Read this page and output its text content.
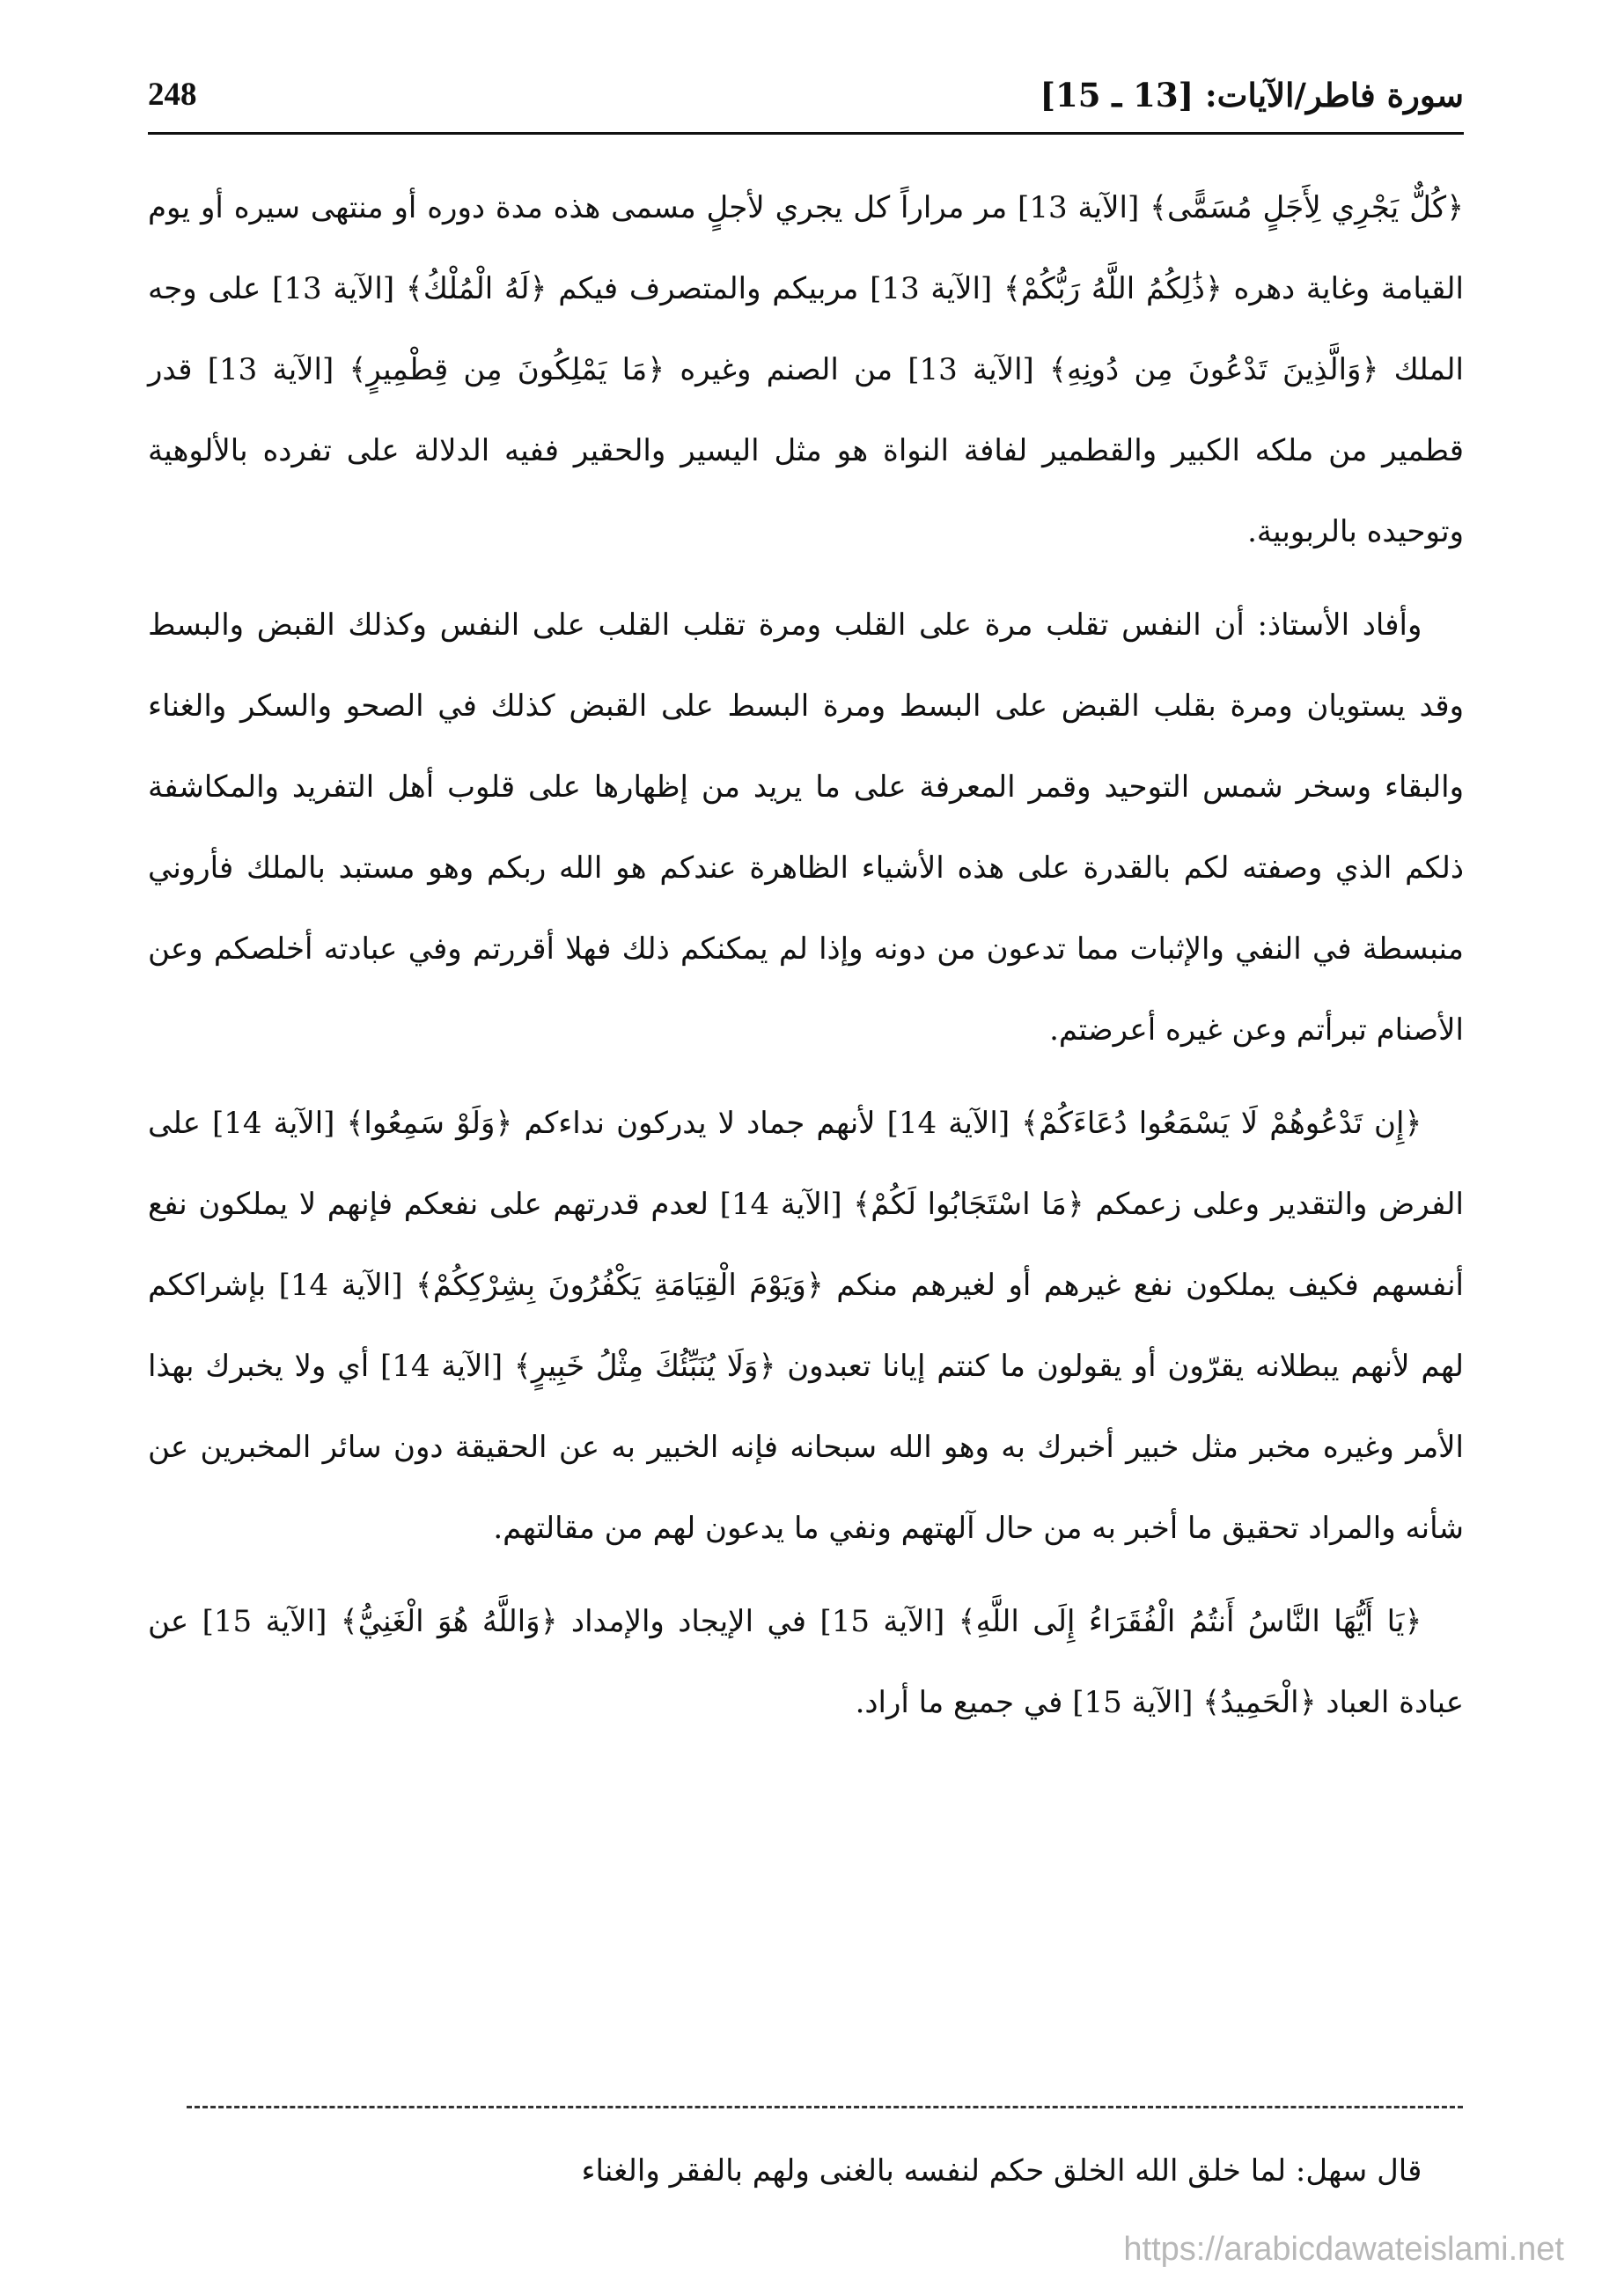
سورة فاطر/الآيات: [13 ـ 15]
248

﴿كُلٌّ يَجْرِي لِأَجَلٍ مُسَمًّى﴾ [الآية 13] مر مراراً كل يجري لأجلٍ مسمى هذه مدة دوره أو منتهى سيره أو يوم القيامة وغاية دهره ﴿ذَٰلِكُمُ اللَّهُ رَبُّكُمْ﴾ [الآية 13] مربيكم والمتصرف فيكم ﴿لَهُ الْمُلْكُ﴾ [الآية 13] على وجه الملك ﴿وَالَّذِينَ تَدْعُونَ مِن دُونِهِ﴾ [الآية 13] من الصنم وغيره ﴿مَا يَمْلِكُونَ مِن قِطْمِيرٍ﴾ [الآية 13] قدر قطمير من ملكه الكبير والقطمير لفافة النواة هو مثل اليسير والحقير ففيه الدلالة على تفرده بالألوهية وتوحيده بالربوبية.

وأفاد الأستاذ: أن النفس تقلب مرة على القلب ومرة تقلب القلب على النفس وكذلك القبض والبسط وقد يستويان ومرة بقلب القبض على البسط ومرة البسط على القبض كذلك في الصحو والسكر والغناء والبقاء وسخر شمس التوحيد وقمر المعرفة على ما يريد من إظهارها على قلوب أهل التفريد والمكاشفة ذلكم الذي وصفته لكم بالقدرة على هذه الأشياء الظاهرة عندكم هو الله ربكم وهو مستبد بالملك فأروني منبسطة في النفي والإثبات مما تدعون من دونه وإذا لم يمكنكم ذلك فهلا أقررتم وفي عبادته أخلصكم وعن الأصنام تبرأتم وعن غيره أعرضتم.

﴿إِن تَدْعُوهُمْ لَا يَسْمَعُوا دُعَاءَكُمْ﴾ [الآية 14] لأنهم جماد لا يدركون نداءكم ﴿وَلَوْ سَمِعُوا﴾ [الآية 14] على الفرض والتقدير وعلى زعمكم ﴿مَا اسْتَجَابُوا لَكُمْ﴾ [الآية 14] لعدم قدرتهم على نفعكم فإنهم لا يملكون نفع أنفسهم فكيف يملكون نفع غيرهم أو لغيرهم منكم ﴿وَيَوْمَ الْقِيَامَةِ يَكْفُرُونَ بِشِرْكِكُمْ﴾ [الآية 14] بإشراككم لهم لأنهم يبطلانه يقرّون أو يقولون ما كنتم إيانا تعبدون ﴿وَلَا يُنَبِّئُكَ مِثْلُ خَبِيرٍ﴾ [الآية 14] أي ولا يخبرك بهذا الأمر وغيره مخبر مثل خبير أخبرك به وهو الله سبحانه فإنه الخبير به عن الحقيقة دون سائر المخبرين عن شأنه والمراد تحقيق ما أخبر به من حال آلهتهم ونفي ما يدعون لهم من مقالتهم.

﴿يَا أَيُّهَا النَّاسُ أَنتُمُ الْفُقَرَاءُ إِلَى اللَّهِ﴾ [الآية 15] في الإيجاد والإمداد ﴿وَاللَّهُ هُوَ الْغَنِيُّ﴾ [الآية 15] عن عبادة العباد ﴿الْحَمِيدُ﴾ [الآية 15] في جميع ما أراد.

قال سهل: لما خلق الله الخلق حكم لنفسه بالغنى ولهم بالفقر والغناء
https://arabicdawateislami.net
